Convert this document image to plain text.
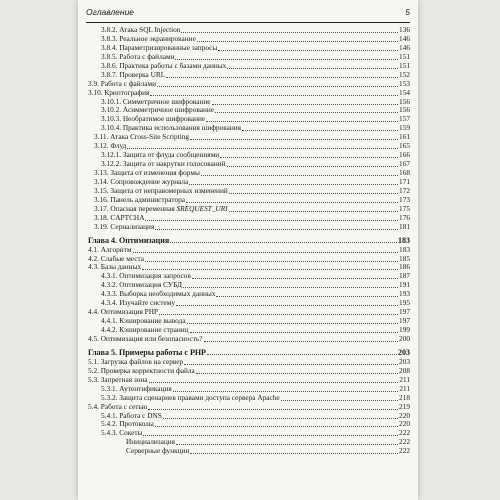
Оглавление	5
3.8.2. Атака SQL Injection	136
3.8.3. Реальное экранирование	146
3.8.4. Параметризированные запросы	146
3.8.5. Работа с файлами	151
3.8.6. Практика работы с базами данных	151
3.8.7. Проверка URL	152
3.9. Работа с файлами	153
3.10. Криптография	154
3.10.1. Симметричное шифрование	156
3.10.2. Асимметричное шифрование	156
3.10.3. Необратимое шифрование	157
3.10.4. Практика использования шифрования	159
3.11. Атака Cross-Site Scripting	161
3.12. Флуд	165
3.12.1. Защита от флуда сообщениями	166
3.12.2. Защита от накрутки голосований	167
3.13. Защита от изменения формы	168
3.14. Сопровождение журнала	171
3.15. Защита от неправомерных изменений	172
3.16. Панель администратора	173
3.17. Опасная переменная $REQUEST_URI	175
3.18. CAPTCHA	176
3.19. Сериализация	181
Глава 4. Оптимизация	183
4.1. Алгоритм	183
4.2. Слабые места	185
4.3. Базы данных	186
4.3.1. Оптимизация запросов	187
4.3.2. Оптимизация СУБД	191
4.3.3. Выборка необходимых данных	193
4.3.4. Изучайте систему	195
4.4. Оптимизация PHP	197
4.4.1. Кэширование вывода	197
4.4.2. Кэширование страниц	199
4.5. Оптимизация или безопасность?	200
Глава 5. Примеры работы с PHP	203
5.1. Загрузка файлов на сервер	203
5.2. Проверка корректности файла	208
5.3. Запретная зона	211
5.3.1. Аутентификация	211
5.3.2. Защита сценариев правами доступа сервера Apache	218
5.4. Работа с сетью	219
5.4.1. Работа с DNS	220
5.4.2. Протоколы	220
5.4.3. Сокеты	222
Инициализация	222
Серверные функции	222
